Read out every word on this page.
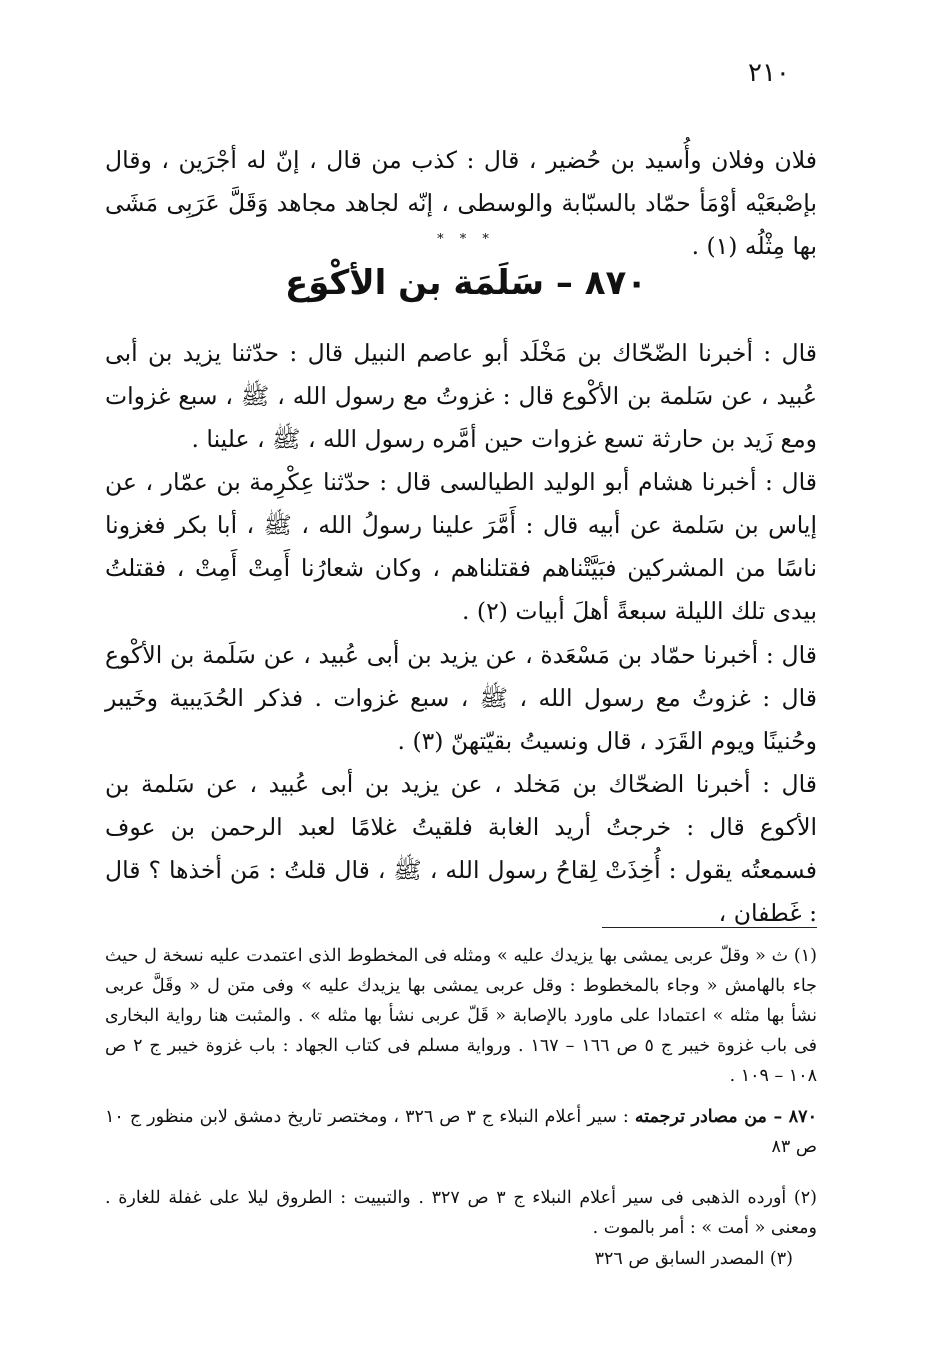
٢١٠
فلان وفلان وأُسيد بن حُضير ، قال : كذب من قال ، إنّ له أجْرَين ، وقال بإصْبعَيْه أوْمَأ حمّاد بالسبّابة والوسطى ، إنّه لجاهد مجاهد وَقَلَّ عَرَبِى مَشَى بها مِثْلُه (١) .
* * *
٨٧٠ – سَلَمَة بن الأكْوَع
قال : أخبرنا الضّحّاك بن مَخْلَد أبو عاصم النبيل قال : حدّثنا يزيد بن أبى عُبيد ، عن سَلمة بن الأكْوع قال : غزوتُ مع رسول الله ، ﷺ ، سبع غزوات ومع زَيد بن حارثة تسع غزوات حين أمَّره رسول الله ، ﷺ ، علينا .
قال : أخبرنا هشام أبو الوليد الطيالسى قال : حدّثنا عِكْرِمة بن عمّار ، عن إياس بن سَلمة عن أبيه قال : أَمَّرَ علينا رسولُ الله ، ﷺ ، أبا بكر فغزونا ناسًا من المشركين فبَيَّتْناهم فقتلناهم ، وكان شعارُنا أَمِتْ أَمِتْ ، فقتلتُ بيدى تلك الليلة سبعةً أهلَ أبيات (٢) .
قال : أخبرنا حمّاد بن مَسْعَدة ، عن يزيد بن أبى عُبيد ، عن سَلَمة بن الأكْوع قال : غزوتُ مع رسول الله ، ﷺ ، سبع غزوات . فذكر الحُدَيبية وخَيبر وحُنينًا ويوم القَرَد ، قال ونسيتُ بقيّتهنّ (٣) .
قال : أخبرنا الضحّاك بن مَخلد ، عن يزيد بن أبى عُبيد ، عن سَلمة بن الأكوع قال : خرجتُ أريد الغابة فلقيتُ غلامًا لعبد الرحمن بن عوف فسمعتُه يقول : أُخِذَتْ لِقاحُ رسول الله ، ﷺ ، قال قلتُ : مَن أخذها ؟ قال : غَطفان ،
(١) ث « وقلّ عربى يمشى بها يزيدك عليه » ومثله فى المخطوط الذى اعتمدت عليه نسخة ل حيث جاء بالهامش « وجاء بالمخطوط : وقل عربى يمشى بها يزيدك عليه » وفى متن ل « وقَلَّ عربى نشأ بها مثله » اعتمادا على ماورد بالإصابة « قَلّ عربى نشأ بها مثله » . والمثبت هنا رواية البخارى فى باب غزوة خيبر ج ٥ ص ١٦٦ – ١٦٧ . ورواية مسلم فى كتاب الجهاد : باب غزوة خيبر ج ٢ ص ١٠٨ – ١٠٩ .
٨٧٠ – من مصادر ترجمته : سير أعلام النبلاء ج ٣ ص ٣٢٦ ، ومختصر تاريخ دمشق لابن منظور ج ١٠ ص ٨٣
(٢) أورده الذهبى فى سير أعلام النبلاء ج ٣ ص ٣٢٧ . والتبييت : الطروق ليلا على غفلة للغارة . ومعنى « أمت » : أمر بالموت .
(٣) المصدر السابق ص ٣٢٦
